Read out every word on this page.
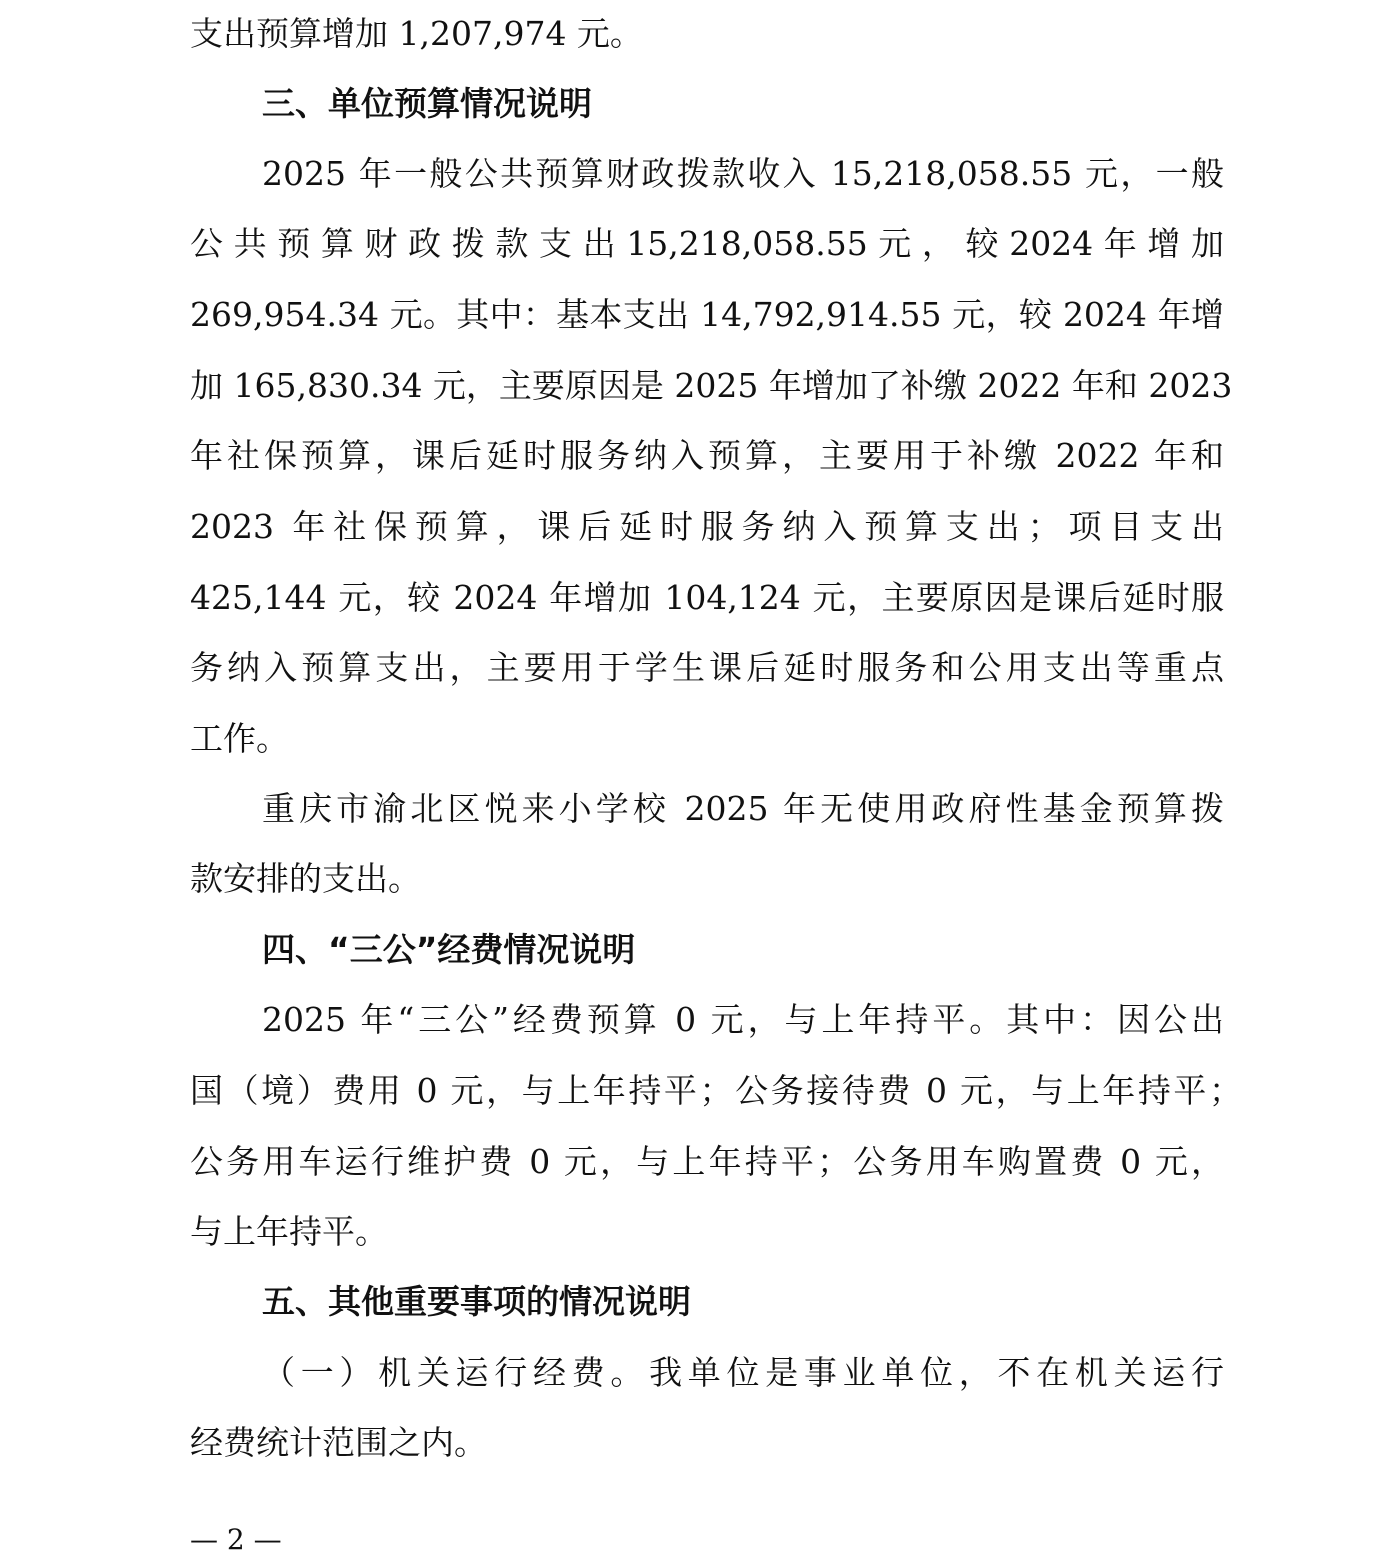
支出预算增加 1,207,974 元。
三、单位预算情况说明
2025 年一般公共预算财政拨款收入 15,218,058.55 元，一般
公 共 预 算 财 政 拨 款 支 出 15,218,058.55 元 ， 较 2024 年 增 加
269,954.34 元。其中：基本支出 14,792,914.55 元，较 2024 年增
加 165,830.34 元，主要原因是 2025 年增加了补缴 2022 年和 2023
年社保预算，课后延时服务纳入预算，主要用于补缴 2022 年和
2023 年社保预算，课后延时服务纳入预算支出；项目支出
425,144 元，较 2024 年增加 104,124 元，主要原因是课后延时服
务纳入预算支出，主要用于学生课后延时服务和公用支出等重点
工作。
重庆市渝北区悦来小学校 2025 年无使用政府性基金预算拨
款安排的支出。
四、“三公”经费情况说明
2025 年“三公”经费预算 0 元，与上年持平。其中：因公出
国（境）费用 0 元，与上年持平；公务接待费 0 元，与上年持平；
公务用车运行维护费 0 元，与上年持平；公务用车购置费 0 元，
与上年持平。
五、其他重要事项的情况说明
（一）机关运行经费。我单位是事业单位，不在机关运行
经费统计范围之内。
— 2 —
